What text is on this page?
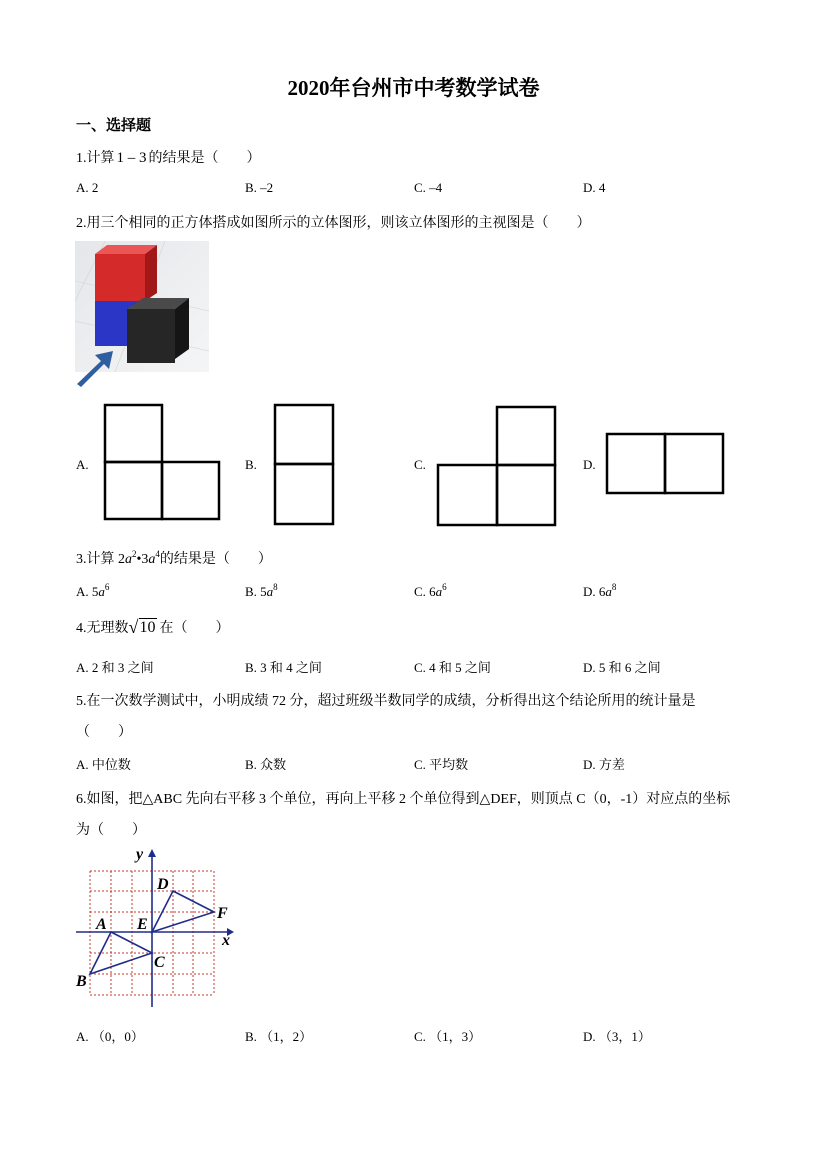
2020年台州市中考数学试卷
一、选择题
1.计算 1 – 3 的结果是（　　）
A. 2	B. –2	C. –4	D. 4
2.用三个相同的正方体搭成如图所示的立体图形，则该立体图形的主视图是（　　）
A.	B.	C.	D.
3.计算 $2a^2•3a^4$的结果是（　　）
A. $5a^6$	B. $5a^8$	C. $6a^6$	D. $6a^8$
4.无理数 √ 10 在（　　）
A. 2 和 3 之间	B. 3 和 4 之间	C. 4 和 5 之间	D. 5 和 6 之间
5.在一次数学测试中，小明成绩 72 分，超过班级半数同学的成绩，分析得出这个结论所用的统计量是
（　　）
A. 中位数	B. 众数	C. 平均数	D. 方差
6.如图，把△ABC 先向右平移 3 个单位，再向上平移 2 个单位得到△DEF，则顶点 C（0，-1）对应点的坐标
为（　　）
x
y
A
B
C
D
E
F
A. （0，0）	B. （1，2）	C. （1，3）	D. （3，1）
